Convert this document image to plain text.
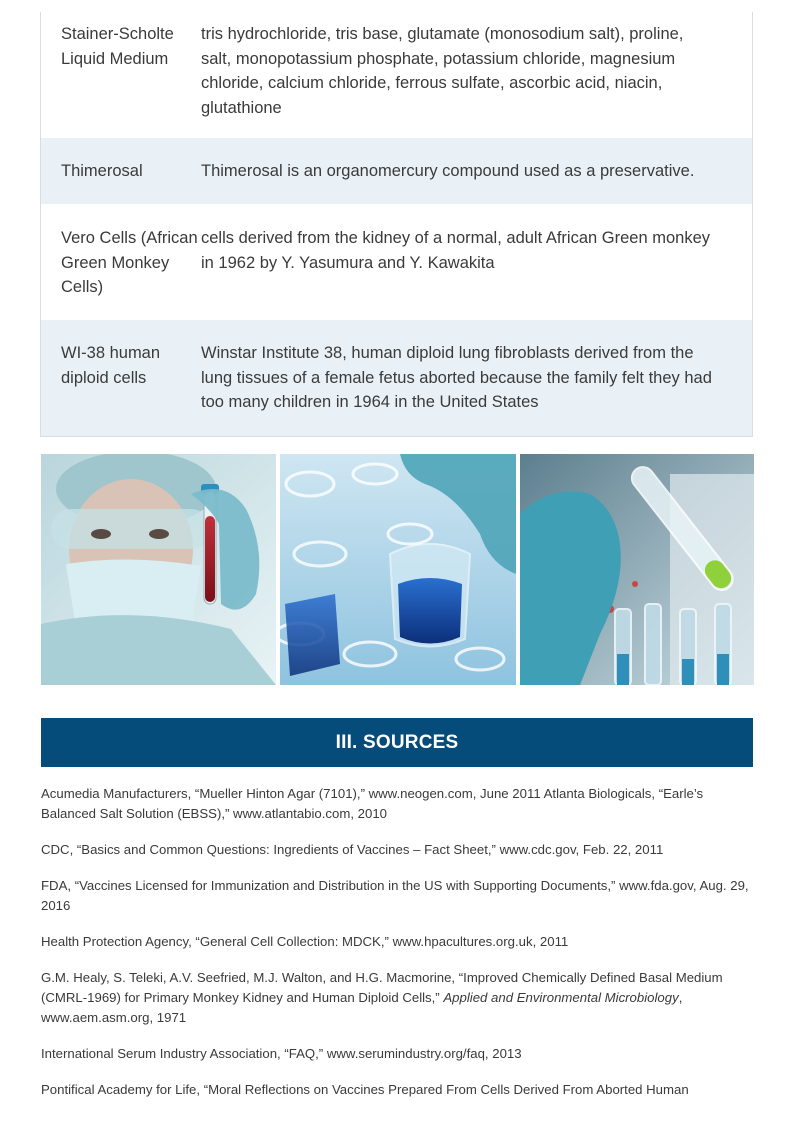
Stainer-Scholte Liquid Medium
tris hydrochloride, tris base, glutamate (monosodium salt), proline, salt, monopotassium phosphate, potassium chloride, magnesium chloride, calcium chloride, ferrous sulfate, ascorbic acid, niacin, glutathione
Thimerosal	Thimerosal is an organomercury compound used as a preservative.
Vero Cells (African Green Monkey Cells)
cells derived from the kidney of a normal, adult African Green monkey in 1962 by Y. Yasumura and Y. Kawakita
WI-38 human diploid cells
Winstar Institute 38, human diploid lung fibroblasts derived from the lung tissues of a female fetus aborted because the family felt they had too many children in 1964 in the United States
III. SOURCES

Acumedia Manufacturers, “Mueller Hinton Agar (7101),” www.neogen.com, June 2011 Atlanta Biologicals, “Earle’s Balanced Salt Solution (EBSS),” www.atlantabio.com, 2010

CDC, “Basics and Common Questions: Ingredients of Vaccines – Fact Sheet,” www.cdc.gov, Feb. 22, 2011

FDA, “Vaccines Licensed for Immunization and Distribution in the US with Supporting Documents,” www.fda.gov, Aug. 29, 2016

Health Protection Agency, “General Cell Collection: MDCK,” www.hpacultures.org.uk, 2011

G.M. Healy, S. Teleki, A.V. Seefried, M.J. Walton, and H.G. Macmorine, “Improved Chemically Defined Basal Medium (CMRL-1969) for Primary Monkey Kidney and Human Diploid Cells,” Applied and Environmental Microbiology, www.aem.asm.org, 1971

International Serum Industry Association, “FAQ,” www.serumindustry.org/faq, 2013

Pontifical Academy for Life, “Moral Reflections on Vaccines Prepared From Cells Derived From Aborted Human
